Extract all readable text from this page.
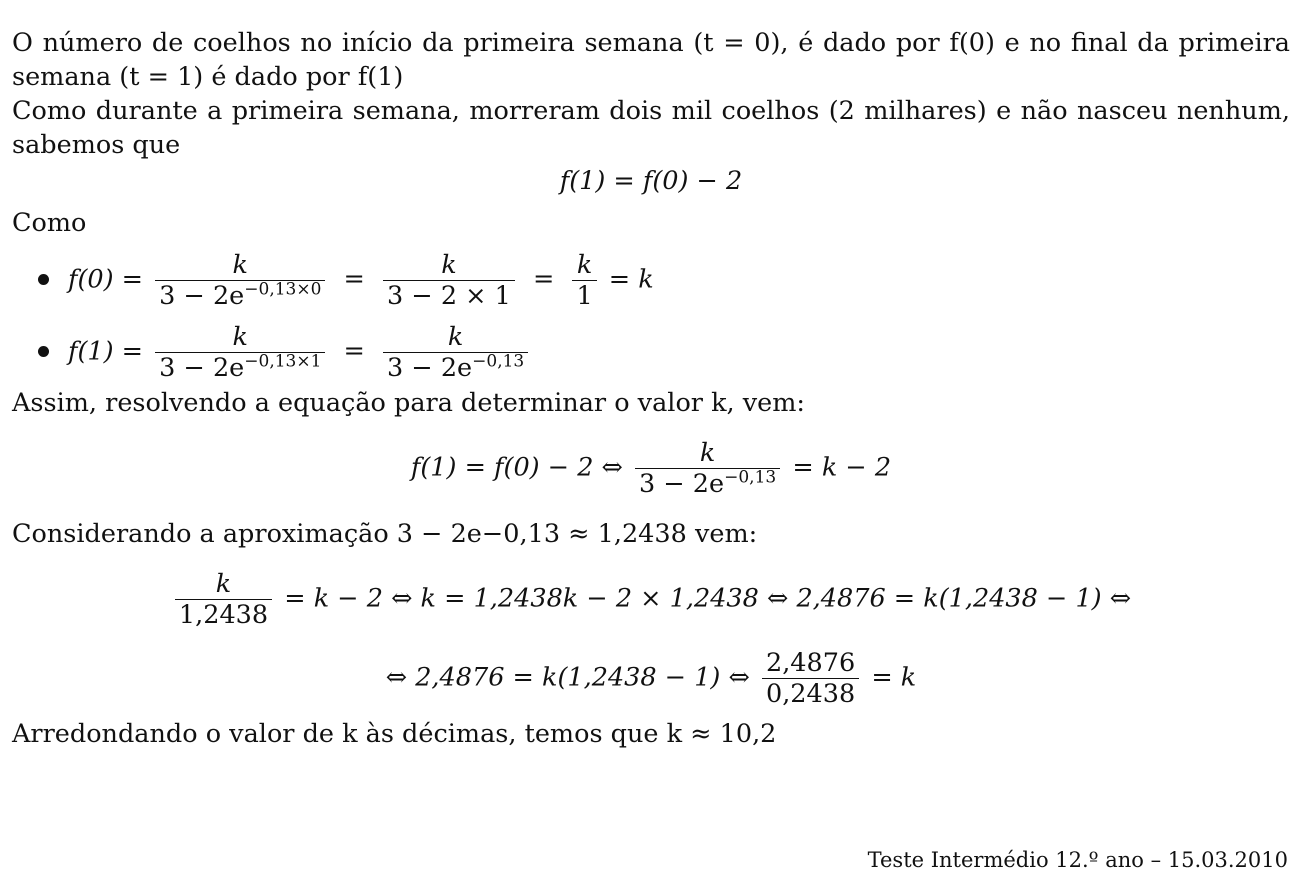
O número de coelhos no início da primeira semana (t = 0), é dado por f(0) e no final da primeira semana (t = 1) é dado por f(1)

Como durante a primeira semana, morreram dois mil coelhos (2 milhares) e não nasceu nenhum, sabemos que

f(1) = f(0) − 2

Como

$f(0) = \frac{k}{3 - 2e^{-0,13\times 0}} = \frac{k}{3 - 2 \times 1} = \frac{k}{1} = k$
$f(1) = \frac{k}{3 - 2e^{-0,13\times 1}} = \frac{k}{3 - 2e^{-0,13}}$

Assim, resolvendo a equação para determinar o valor k, vem:

f(1) = f(0) − 2 ⇔ $\frac{k}{3 - 2e^{-0,13}} = k - 2$

Considerando a aproximação 3 − 2e−0,13 ≈ 1,2438 vem:

$\frac{k}{1,2438} = k - 2$ ⇔ k = 1,2438k − 2 × 1,2438 ⇔ 2,4876 = k(1,2438 − 1) ⇔
⇔ 2,4876 = k(1,2438 − 1) ⇔ $\frac{2,4876}{0,2438} = k$

Arredondando o valor de k às décimas, temos que k ≈ 10,2

Teste Intermédio 12.º ano – 15.03.2010
